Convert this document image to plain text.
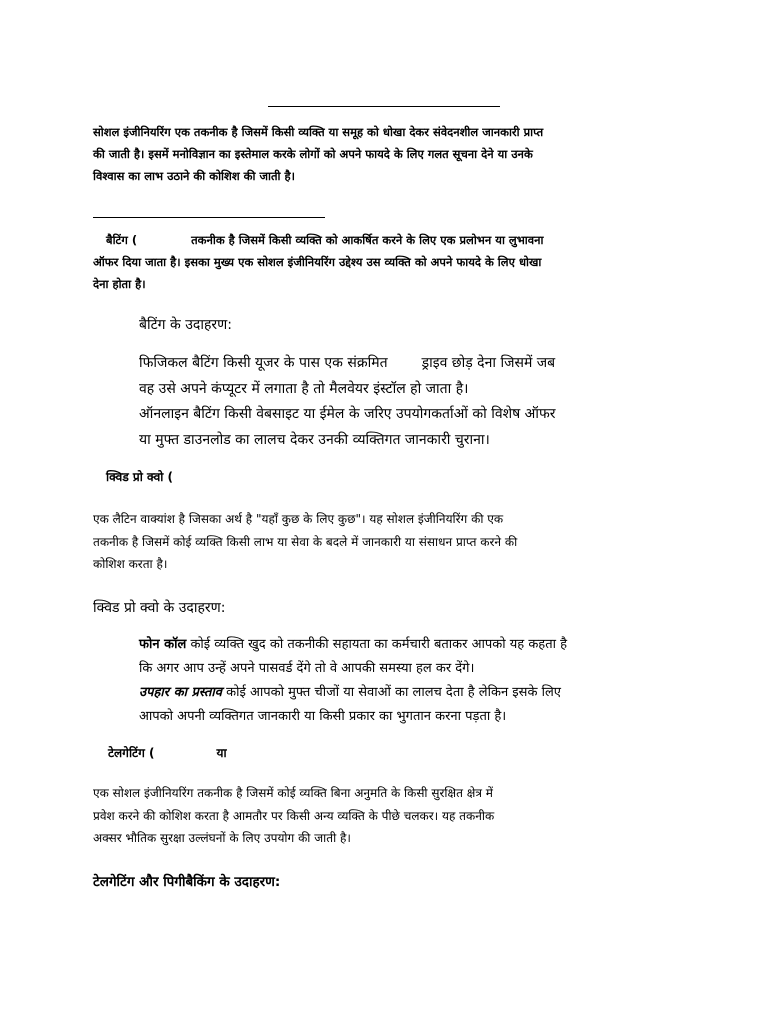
सोशल इंजीनियरिंग एक तकनीक है जिसमें किसी व्यक्ति या समूह को धोखा देकर संवेदनशील जानकारी प्राप्त
की जाती है। इसमें मनोविज्ञान का इस्तेमाल करके लोगों को अपने फायदे के लिए गलत सूचना देने या उनके
विश्वास का लाभ उठाने की कोशिश की जाती है।

बैटिंग (	तकनीक है जिसमें किसी व्यक्ति को आकर्षित करने के लिए एक प्रलोभन या लुभावना
ऑफर दिया जाता है। इसका मुख्य एक सोशल इंजीनियरिंग उद्देश्य उस व्यक्ति को अपने फायदे के लिए धोखा
देना होता है।

बैटिंग के उदाहरण:

फिजिकल बैटिंग किसी यूजर के पास एक संक्रमित ड्राइव छोड़ देना जिसमें जब
वह उसे अपने कंप्यूटर में लगाता है तो मैलवेयर इंस्टॉल हो जाता है।
ऑनलाइन बैटिंग किसी वेबसाइट या ईमेल के जरिए उपयोगकर्ताओं को विशेष ऑफर
या मुफ्त डाउनलोड का लालच देकर उनकी व्यक्तिगत जानकारी चुराना।

क्विड प्रो क्वो (

एक लैटिन वाक्यांश है जिसका अर्थ है "यहाँ कुछ के लिए कुछ"। यह सोशल इंजीनियरिंग की एक
तकनीक है जिसमें कोई व्यक्ति किसी लाभ या सेवा के बदले में जानकारी या संसाधन प्राप्त करने की
कोशिश करता है।

क्विड प्रो क्वो के उदाहरण:

फोन कॉल कोई व्यक्ति खुद को तकनीकी सहायता का कर्मचारी बताकर आपको यह कहता है
कि अगर आप उन्हें अपने पासवर्ड देंगे तो वे आपकी समस्या हल कर देंगे।
उपहार का प्रस्ताव कोई आपको मुफ्त चीजों या सेवाओं का लालच देता है लेकिन इसके लिए
आपको अपनी व्यक्तिगत जानकारी या किसी प्रकार का भुगतान करना पड़ता है।

टेलगेटिंग (	या

एक सोशल इंजीनियरिंग तकनीक है जिसमें कोई व्यक्ति बिना अनुमति के किसी सुरक्षित क्षेत्र में
प्रवेश करने की कोशिश करता है आमतौर पर किसी अन्य व्यक्ति के पीछे चलकर। यह तकनीक
अक्सर भौतिक सुरक्षा उल्लंघनों के लिए उपयोग की जाती है।

टेलगेटिंग और पिगीबैकिंग के उदाहरण:
